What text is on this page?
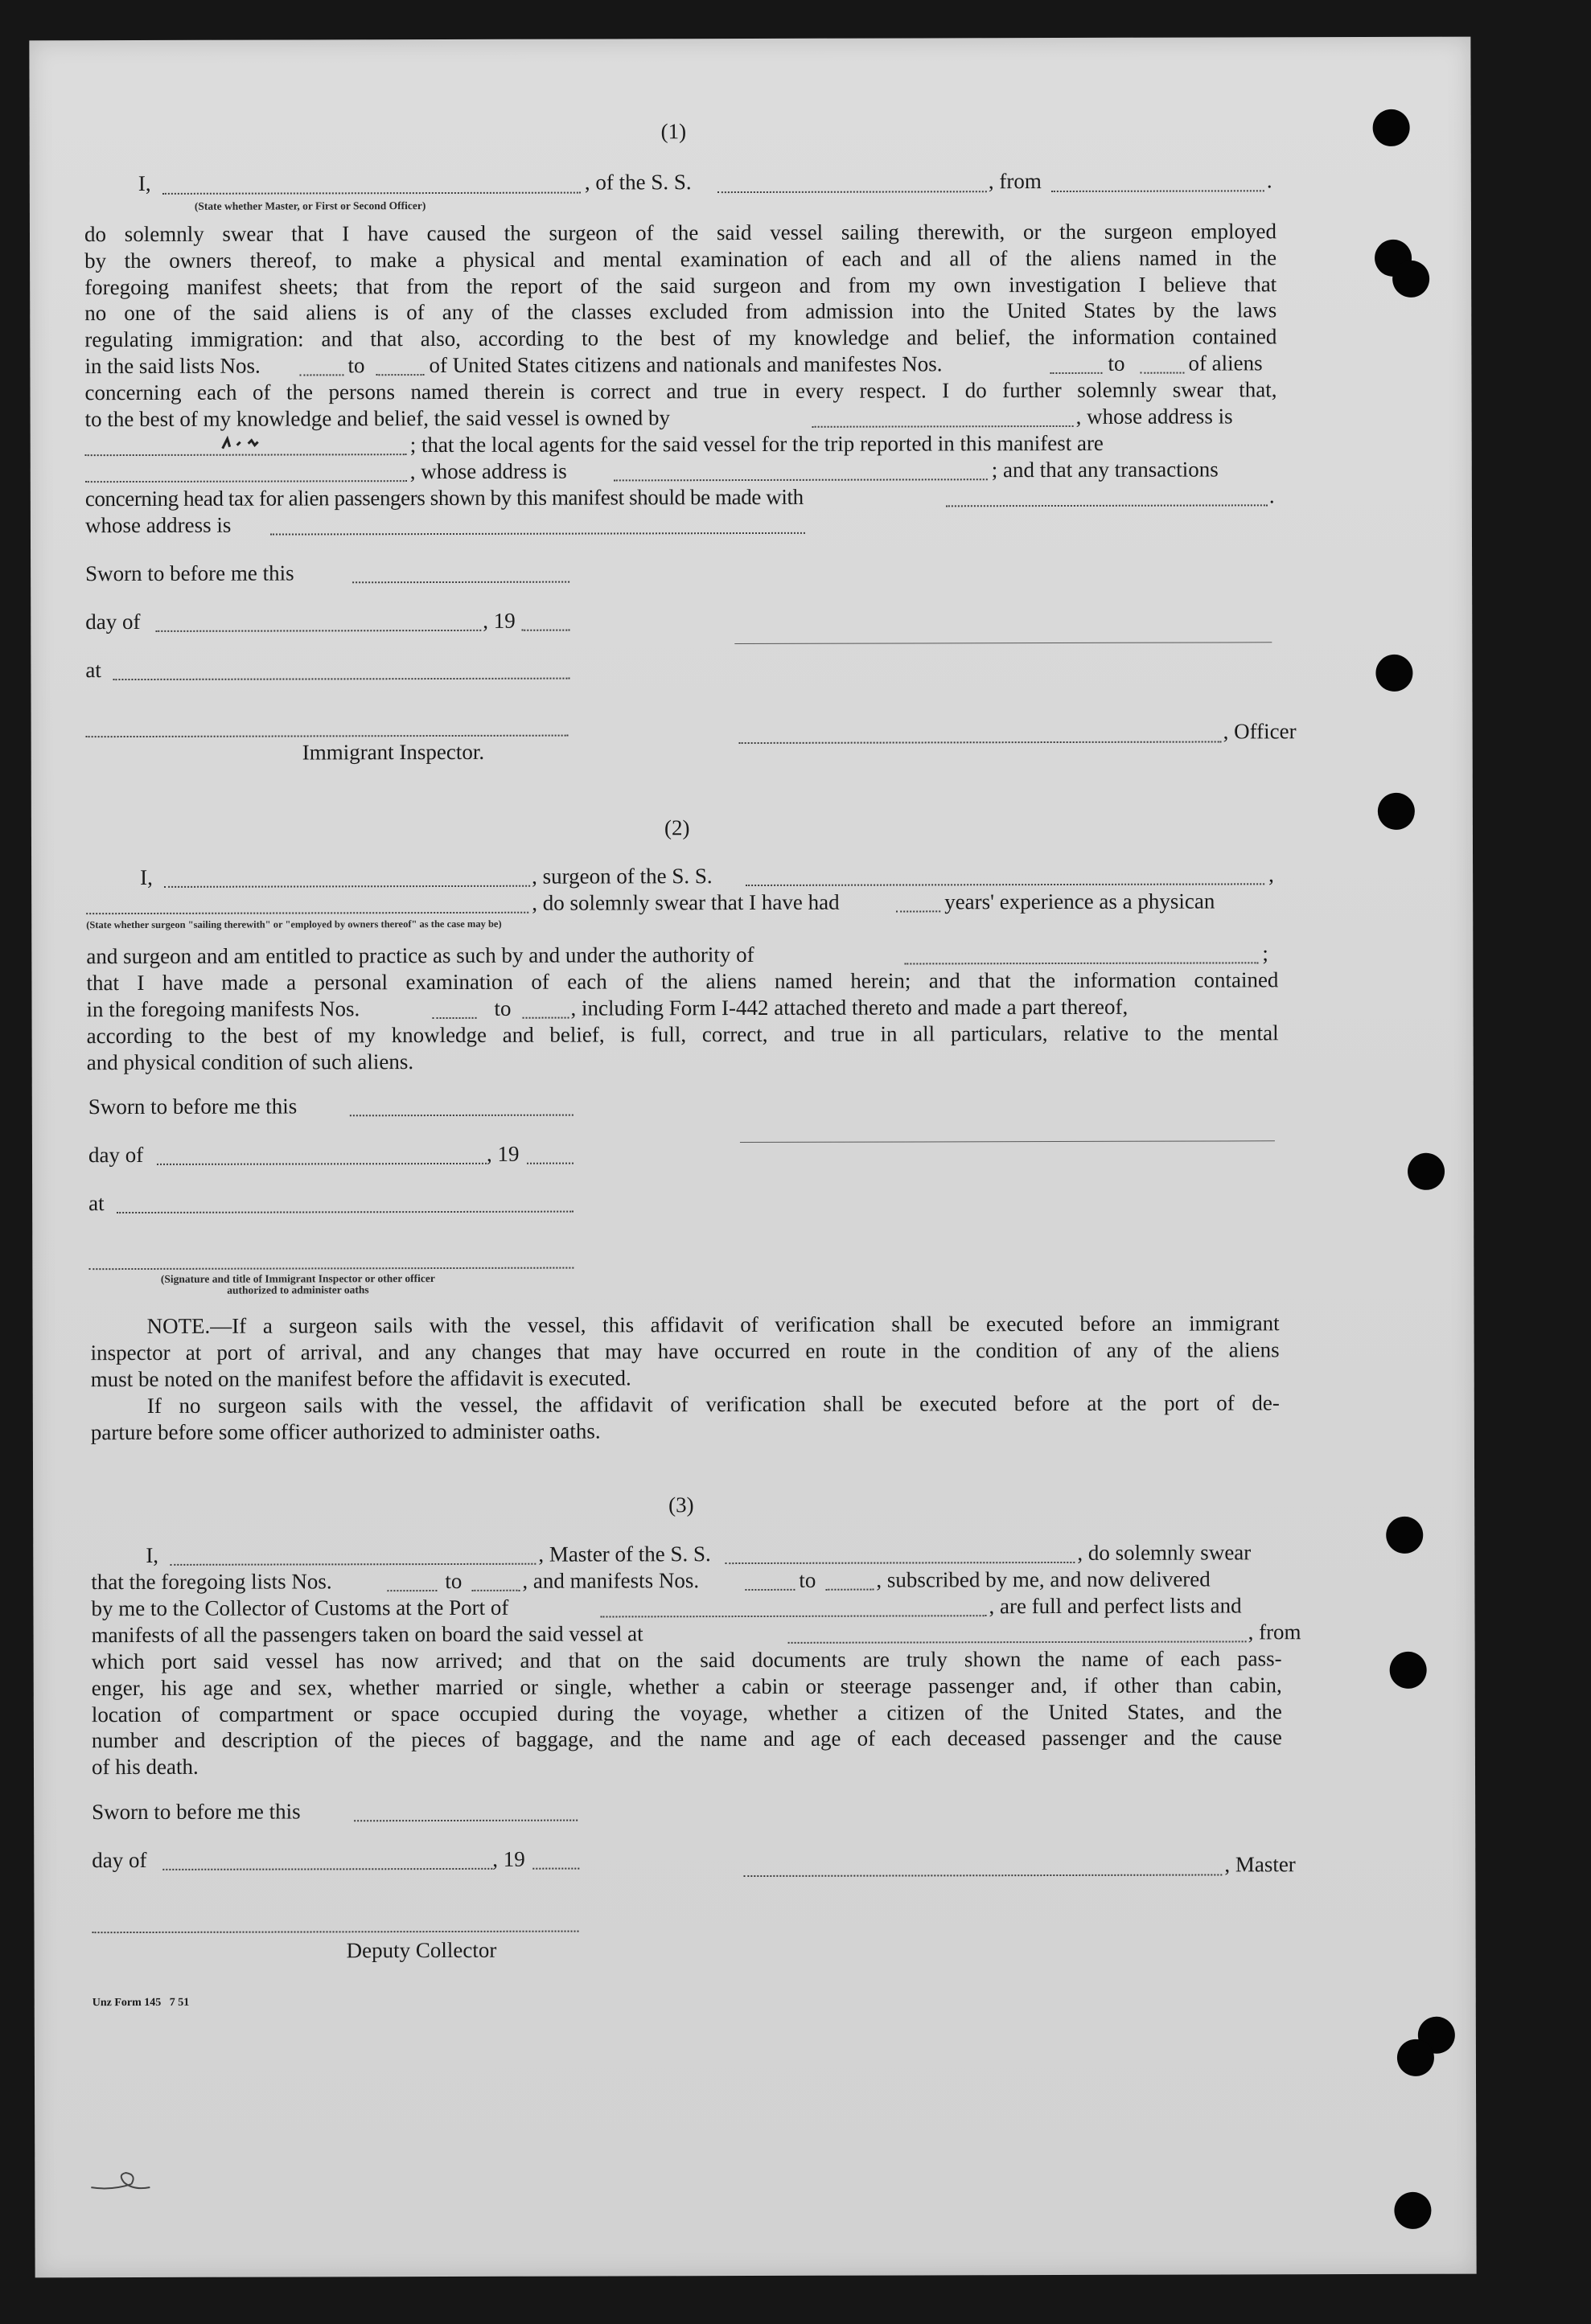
(1)
I,	, of the S. S.	, from	.
(State whether Master, or First or Second Officer)
do solemnly swear that I have caused the surgeon of the said vessel sailing therewith, or the surgeon employed
by the owners thereof, to make a physical and mental examination of each and all of the aliens named in the
foregoing manifest sheets; that from the report of the said surgeon and from my own investigation I believe that
no one of the said aliens is of any of the classes excluded from admission into the United States by the laws
regulating immigration: and that also, according to the best of my knowledge and belief, the information contained
in the said lists Nos.	to	of United States citizens and nationals and manifestes Nos.	to	of aliens
concerning each of the persons named therein is correct and true in every respect. I do further solemnly swear that,
to the best of my knowledge and belief, the said vessel is owned by	, whose address is
; that the local agents for the said vessel for the trip reported in this manifest are
, whose address is	; and that any transactions
concerning head tax for alien passengers shown by this manifest should be made with	.
whose address is
Sworn to before me this
day of	, 19
at
, Officer
Immigrant Inspector.
(2)
I,	, surgeon of the S. S.	,
, do solemnly swear that I have had	years' experience as a physican
(State whether surgeon "sailing therewith" or "employed by owners thereof" as the case may be)
and surgeon and am entitled to practice as such by and under the authority of	;
that I have made a personal examination of each of the aliens named herein; and that the information contained
in the foregoing manifests Nos.	to	, including Form I-442 attached thereto and made a part thereof,
according to the best of my knowledge and belief, is full, correct, and true in all particulars, relative to the mental
and physical condition of such aliens.
Sworn to before me this
day of	, 19
at
(Signature and title of Immigrant Inspector or other officer authorized to administer oaths
NOTE.—If a surgeon sails with the vessel, this affidavit of verification shall be executed before an immigrant
inspector at port of arrival, and any changes that may have occurred en route in the condition of any of the aliens
must be noted on the manifest before the affidavit is executed.
If no surgeon sails with the vessel, the affidavit of verification shall be executed before at the port of de-
parture before some officer authorized to administer oaths.
(3)
I,	, Master of the S. S.	, do solemnly swear
that the foregoing lists Nos.	to	, and manifests Nos.	to	, subscribed by me, and now delivered
by me to the Collector of Customs at the Port of	, are full and perfect lists and
manifests of all the passengers taken on board the said vessel at	, from
which port said vessel has now arrived; and that on the said documents are truly shown the name of each pass-
enger, his age and sex, whether married or single, whether a cabin or steerage passenger and, if other than cabin,
location of compartment or space occupied during the voyage, whether a citizen of the United States, and the
number and description of the pieces of baggage, and the name and age of each deceased passenger and the cause
of his death.
Sworn to before me this
day of	, 19	, Master
Deputy Collector
Unz Form 145   7 51
